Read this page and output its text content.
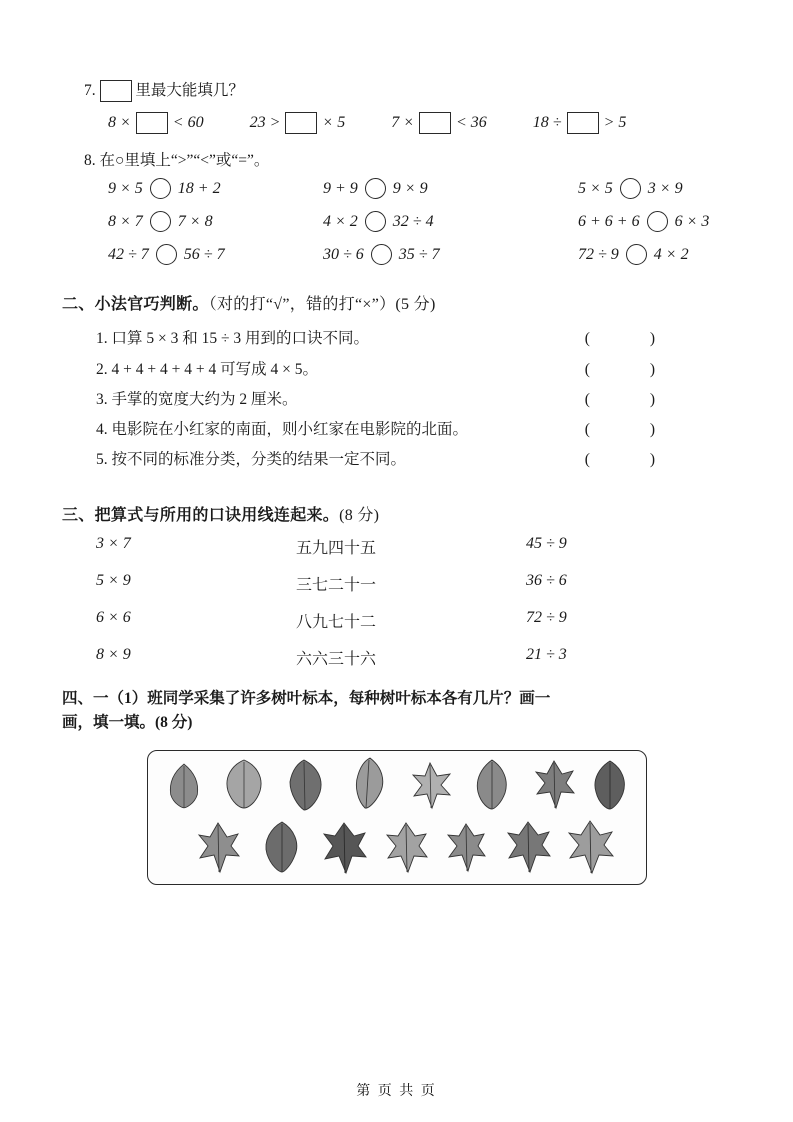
7.	里最大能填几？
8 ×	< 60	23 >	× 5	7 ×	< 36	18 ÷	> 5
8. 在○里填上“>”“<”或“=”。
9 × 5 18 + 2	9 + 9 9 × 9	5 × 5 3 × 9
8 × 7 7 × 8	4 × 2 32 ÷ 4	6 + 6 + 6 6 × 3
42 ÷ 7 56 ÷ 7	30 ÷ 6 35 ÷ 7	72 ÷ 9 4 × 2
二、小法官巧判断。（对的打“√”，错的打“×”）(5 分)
1. 口算 5 × 3 和 15 ÷ 3 用到的口诀不同。	( )
2. 4 + 4 + 4 + 4 + 4 可写成 4 × 5。	( )
3. 手掌的宽度大约为 2 厘米。	( )
4. 电影院在小红家的南面，则小红家在电影院的北面。	( )
5. 按不同的标准分类，分类的结果一定不同。	( )
三、把算式与所用的口诀用线连起来。(8 分)
3 × 7	五九四十五	45 ÷ 9
5 × 9	三七二十一	36 ÷ 6
6 × 6	八九七十二	72 ÷ 9
8 × 9	六六三十六	21 ÷ 3
四、一（1）班同学采集了许多树叶标本，每种树叶标本各有几片？画一
画，填一填。(8 分)
第 页 共 页
